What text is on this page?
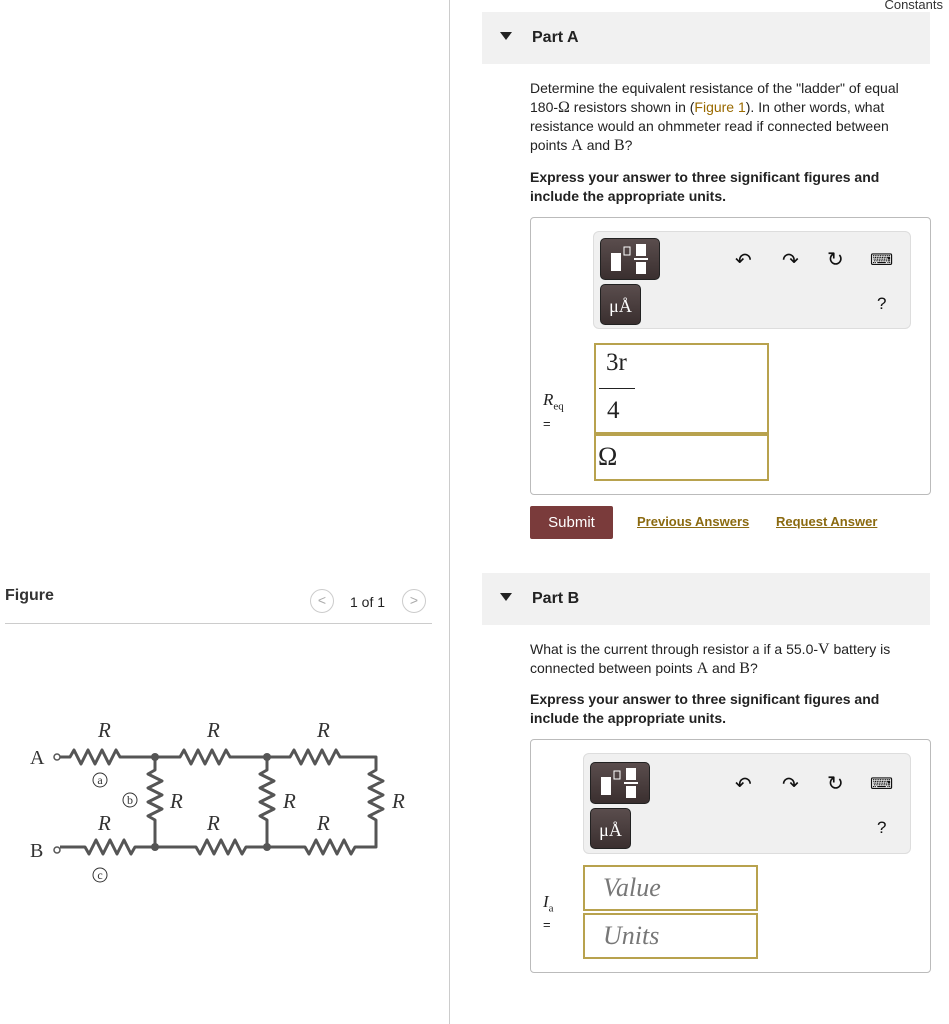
Constants
Part A
Determine the equivalent resistance of the "ladder" of equal 180-Ω resistors shown in (Figure 1). In other words, what resistance would an ohmmeter read if connected between points A and B?
Express your answer to three significant figures and include the appropriate units.
μÅ
↶ ↷ ↻ ⌨
?
$R_{eq}$
=
3r
4
Ω
Submit	Previous Answers Request Answer
Part B
What is the current through resistor a if a 55.0-V battery is connected between points A and B?
Express your answer to three significant figures and include the appropriate units.
μÅ
↶ ↷ ↻ ⌨
?
$I_a$
=
Value
Units
Figure	<	1 of 1	>
A
B
R	R	R
R	R	R
R	R	R
a
b
c
